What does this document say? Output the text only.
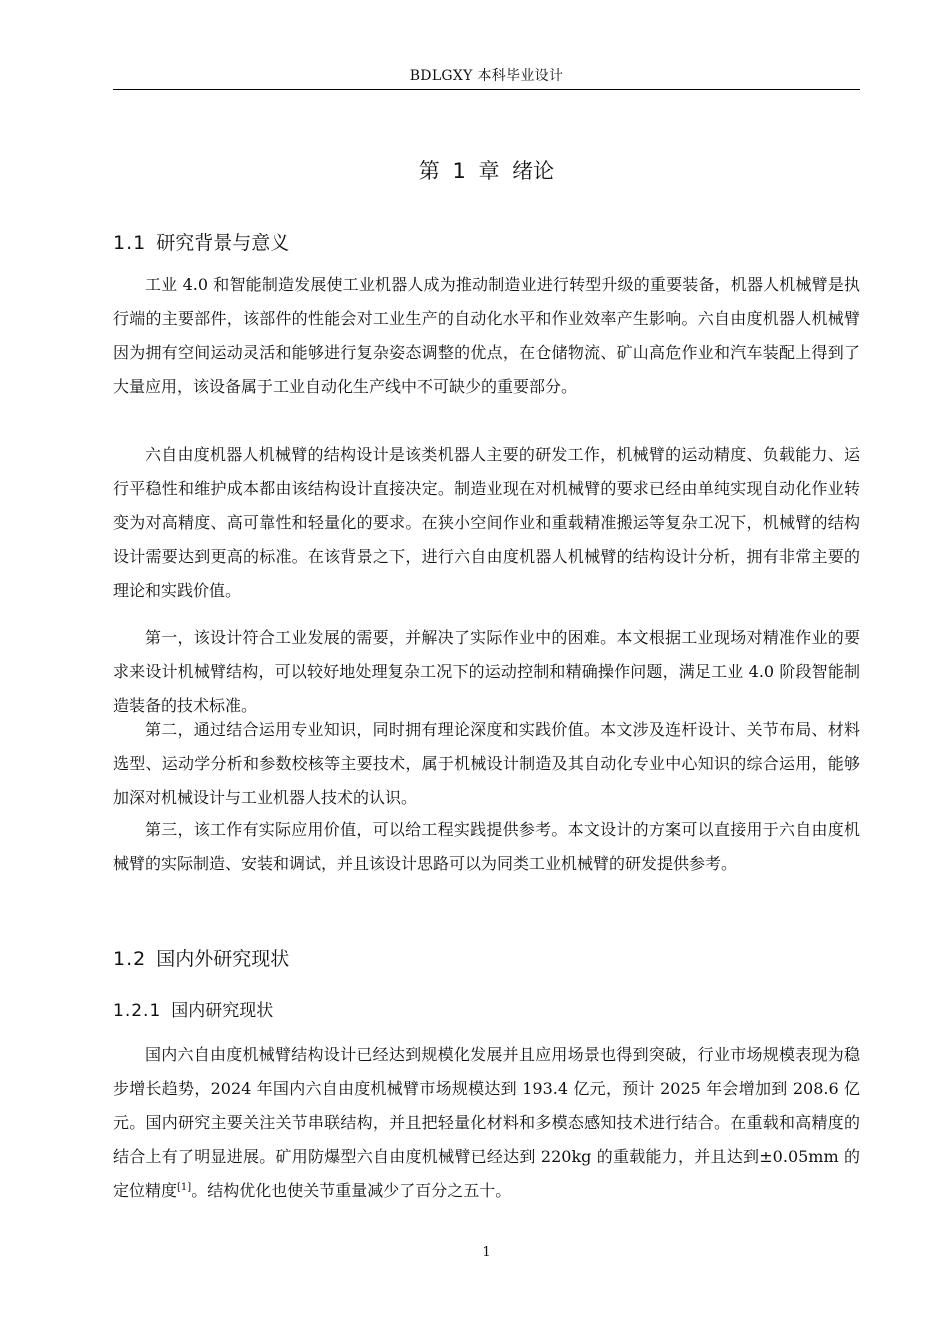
BDLGXY 本科毕业设计
第 1 章 绪论
1.1 研究背景与意义

工业 4.0 和智能制造发展使工业机器人成为推动制造业进行转型升级的重要装备，机器人机械臂是执行端的主要部件，该部件的性能会对工业生产的自动化水平和作业效率产生影响。六自由度机器人机械臂因为拥有空间运动灵活和能够进行复杂姿态调整的优点，在仓储物流、矿山高危作业和汽车装配上得到了大量应用，该设备属于工业自动化生产线中不可缺少的重要部分。

六自由度机器人机械臂的结构设计是该类机器人主要的研发工作，机械臂的运动精度、负载能力、运行平稳性和维护成本都由该结构设计直接决定。制造业现在对机械臂的要求已经由单纯实现自动化作业转变为对高精度、高可靠性和轻量化的要求。在狭小空间作业和重载精准搬运等复杂工况下，机械臂的结构设计需要达到更高的标准。在该背景之下，进行六自由度机器人机械臂的结构设计分析，拥有非常主要的理论和实践价值。

第一，该设计符合工业发展的需要，并解决了实际作业中的困难。本文根据工业现场对精准作业的要求来设计机械臂结构，可以较好地处理复杂工况下的运动控制和精确操作问题，满足工业 4.0 阶段智能制造装备的技术标准。

第二，通过结合运用专业知识，同时拥有理论深度和实践价值。本文涉及连杆设计、关节布局、材料选型、运动学分析和参数校核等主要技术，属于机械设计制造及其自动化专业中心知识的综合运用，能够加深对机械设计与工业机器人技术的认识。

第三，该工作有实际应用价值，可以给工程实践提供参考。本文设计的方案可以直接用于六自由度机械臂的实际制造、安装和调试，并且该设计思路可以为同类工业机械臂的研发提供参考。

1.2 国内外研究现状
1.2.1 国内研究现状

国内六自由度机械臂结构设计已经达到规模化发展并且应用场景也得到突破，行业市场规模表现为稳步增长趋势，2024 年国内六自由度机械臂市场规模达到 193.4 亿元，预计 2025 年会增加到 208.6 亿元。国内研究主要关注关节串联结构，并且把轻量化材料和多模态感知技术进行结合。在重载和高精度的结合上有了明显进展。矿用防爆型六自由度机械臂已经达到 220kg 的重载能力，并且达到±0.05mm 的定位精度[1]。结构优化也使关节重量减少了百分之五十。

1
